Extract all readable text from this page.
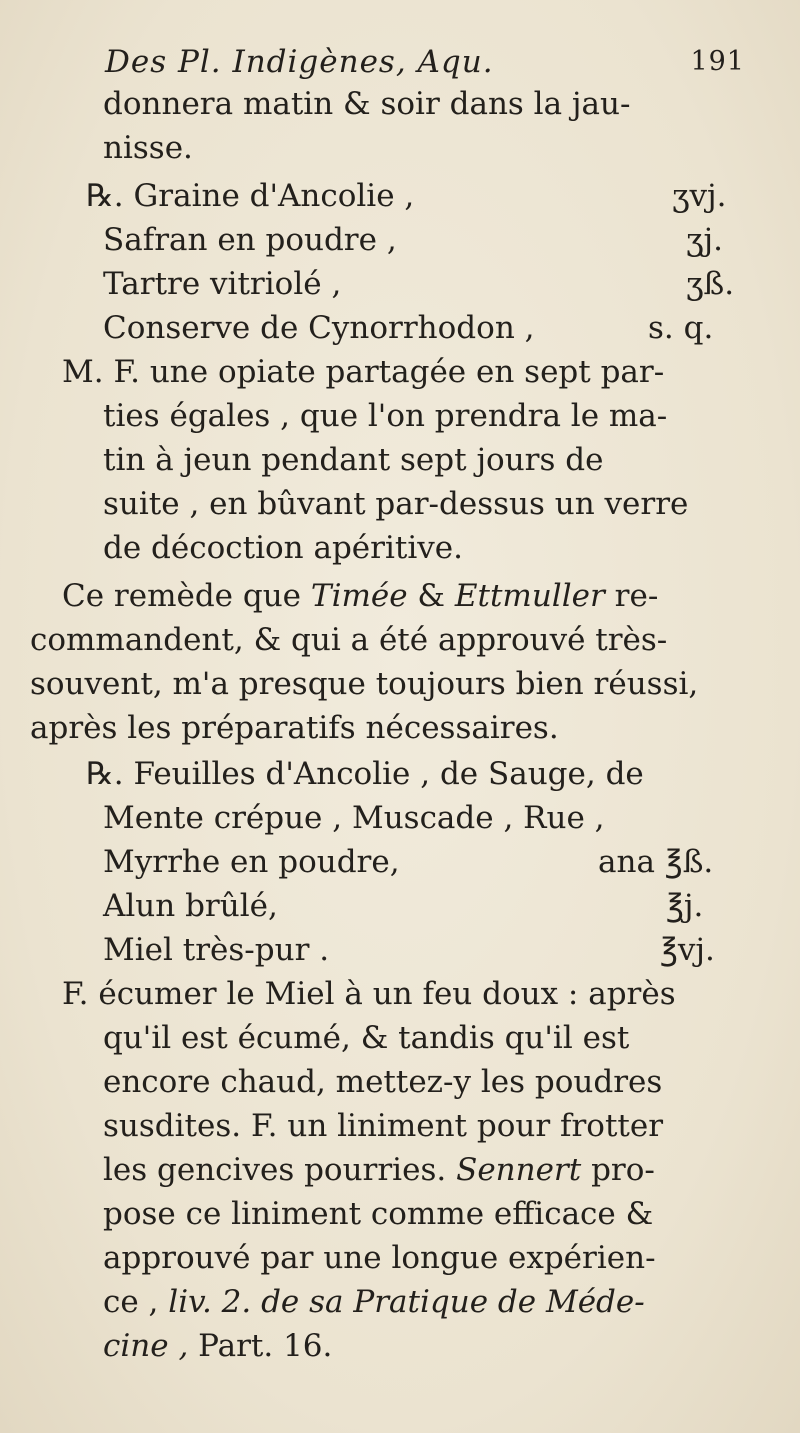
Des Pl. Indigènes, Aqu.	191
donnera matin & soir dans la jau-
nisse.
℞. Graine d'Ancolie ,	ʒvj.
Safran en poudre ,	ʒj.
Tartre vitriolé ,	ʒß.
Conserve de Cynorrhodon ,	s. q.
M. F. une opiate partagée en sept par-
ties égales , que l'on prendra le ma-
tin à jeun pendant sept jours de
suite , en bûvant par-dessus un verre
de décoction apéritive.
Ce remède que Timée & Ettmuller re-
commandent, & qui a été approuvé très-
souvent, m'a presque toujours bien réussi,
après les préparatifs nécessaires.
℞. Feuilles d'Ancolie , de Sauge, de
Mente crépue , Muscade , Rue ,
Myrrhe en poudre,	ana ℥ß.
Alun brûlé,	℥j.
Miel très-pur .	℥vj.
F. écumer le Miel à un feu doux : après
qu'il est écumé, & tandis qu'il est
encore chaud, mettez-y les poudres
susdites. F. un liniment pour frotter
les gencives pourries. Sennert pro-
pose ce liniment comme efficace &
approuvé par une longue expérien-
ce , liv. 2. de sa Pratique de Méde-
cine , Part. 16.
